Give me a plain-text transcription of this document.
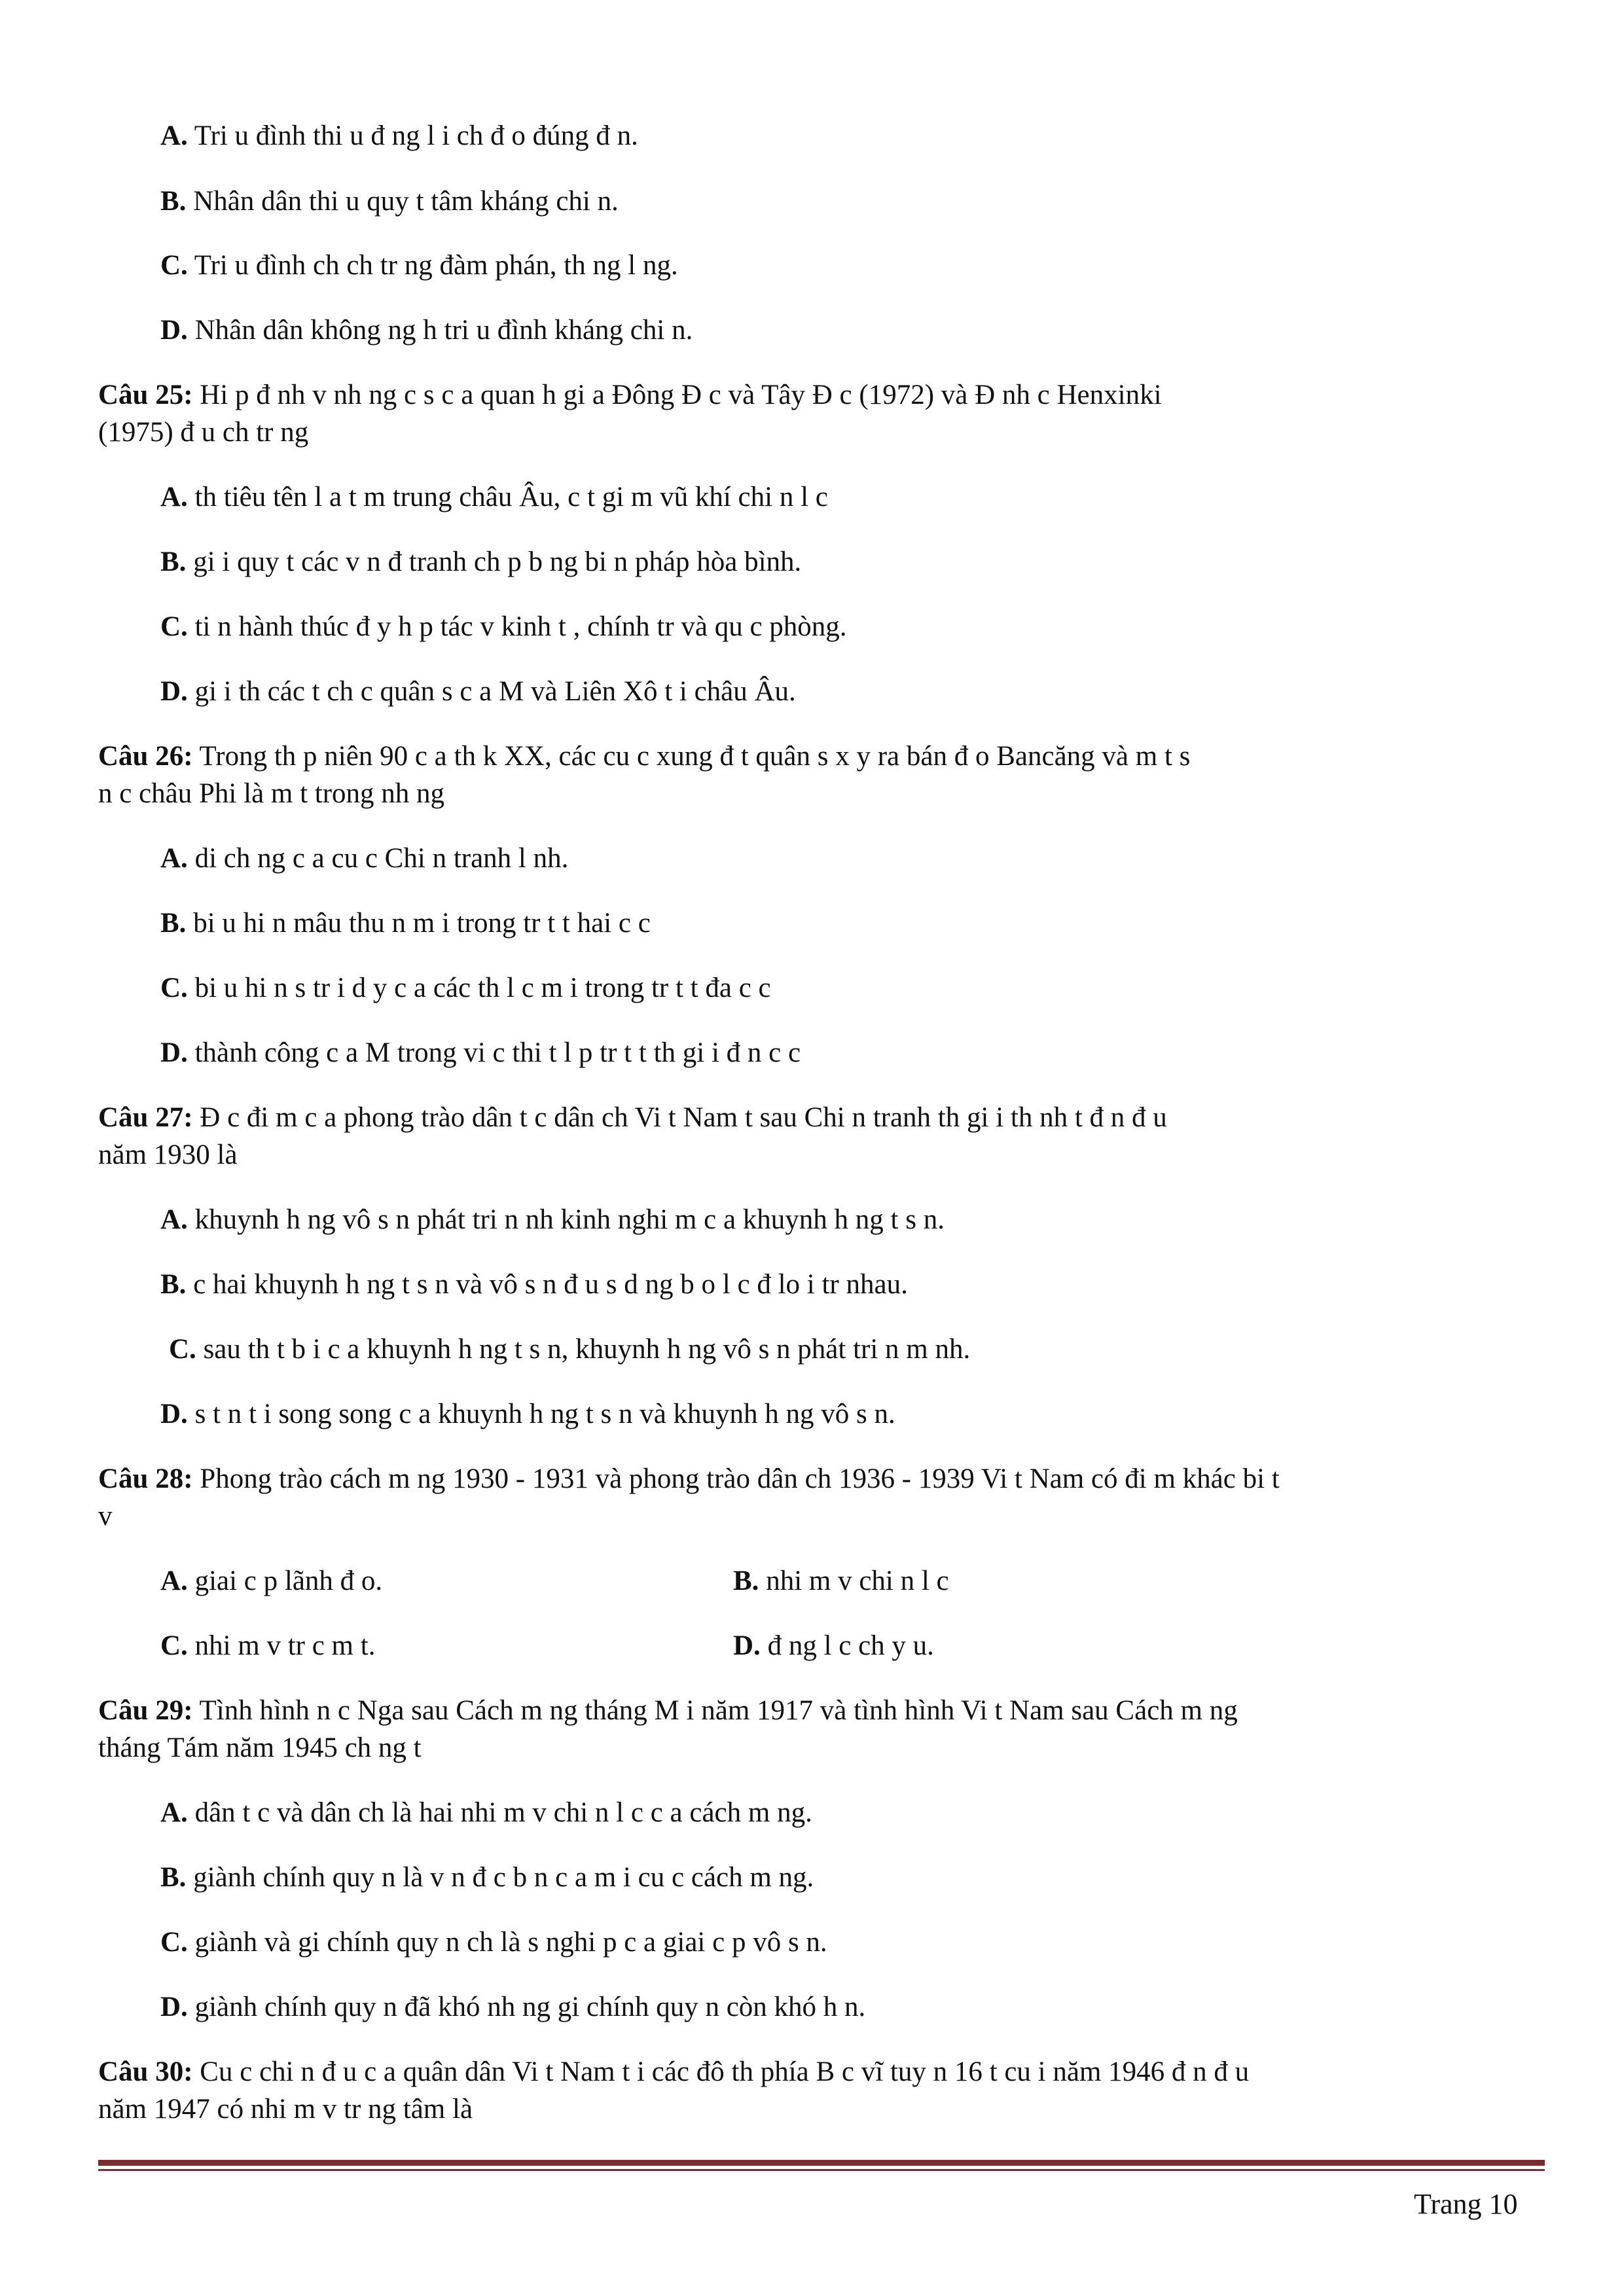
A. Tri u đình thi u đ ng l i ch đ o đúng đ n.
B. Nhân dân thi u quy t tâm kháng chi n.
C. Tri u đình ch ch tr ng đàm phán, th ng l ng.
D. Nhân dân không ng h tri u đình kháng chi n.
Câu 25: Hi p đ nh v nh ng c s c a quan h gi a Đông Đ c và Tây Đ c (1972) và Đ nh c Henxinki
(1975) đ u ch tr ng
A. th tiêu tên l a t m trung châu Âu, c t gi m vũ khí chi n l c
B. gi i quy t các v n đ tranh ch p b ng bi n pháp hòa bình.
C. ti n hành thúc đ y h p tác v kinh t , chính tr và qu c phòng.
D. gi i th các t ch c quân s c a M và Liên Xô t i châu Âu.
Câu 26: Trong th p niên 90 c a th k XX, các cu c xung đ t quân s x y ra bán đ o Bancăng và m t s
n c châu Phi là m t trong nh ng
A. di ch ng c a cu c Chi n tranh l nh.
B. bi u hi n mâu thu n m i trong tr t t hai c c
C. bi u hi n s tr i d y c a các th l c m i trong tr t t đa c c
D. thành công c a M trong vi c thi t l p tr t t th gi i đ n c c
Câu 27: Đ c đi m c a phong trào dân t c dân ch Vi t Nam t sau Chi n tranh th gi i th nh t đ n đ u
năm 1930 là
A. khuynh h ng vô s n phát tri n nh kinh nghi m c a khuynh h ng t s n.
B. c hai khuynh h ng t s n và vô s n đ u s d ng b o l c đ lo i tr nhau.
C. sau th t b i c a khuynh h ng t s n, khuynh h ng vô s n phát tri n m nh.
D. s t n t i song song c a khuynh h ng t s n và khuynh h ng vô s n.
Câu 28: Phong trào cách m ng 1930 - 1931 và phong trào dân ch 1936 - 1939 Vi t Nam có đi m khác bi t
v
A. giai c p lãnh đ o.	B. nhi m v chi n l c
C. nhi m v tr c m t.	D. đ ng l c ch y u.
Câu 29: Tình hình n c Nga sau Cách m ng tháng M i năm 1917 và tình hình Vi t Nam sau Cách m ng
tháng Tám năm 1945 ch ng t
A. dân t c và dân ch là hai nhi m v chi n l c c a cách m ng.
B. giành chính quy n là v n đ c b n c a m i cu c cách m ng.
C. giành và gi chính quy n ch là s nghi p c a giai c p vô s n.
D. giành chính quy n đã khó nh ng gi chính quy n còn khó h n.
Câu 30: Cu c chi n đ u c a quân dân Vi t Nam t i các đô th phía B c vĩ tuy n 16 t cu i năm 1946 đ n đ u
năm 1947 có nhi m v tr ng tâm là
Trang 10
